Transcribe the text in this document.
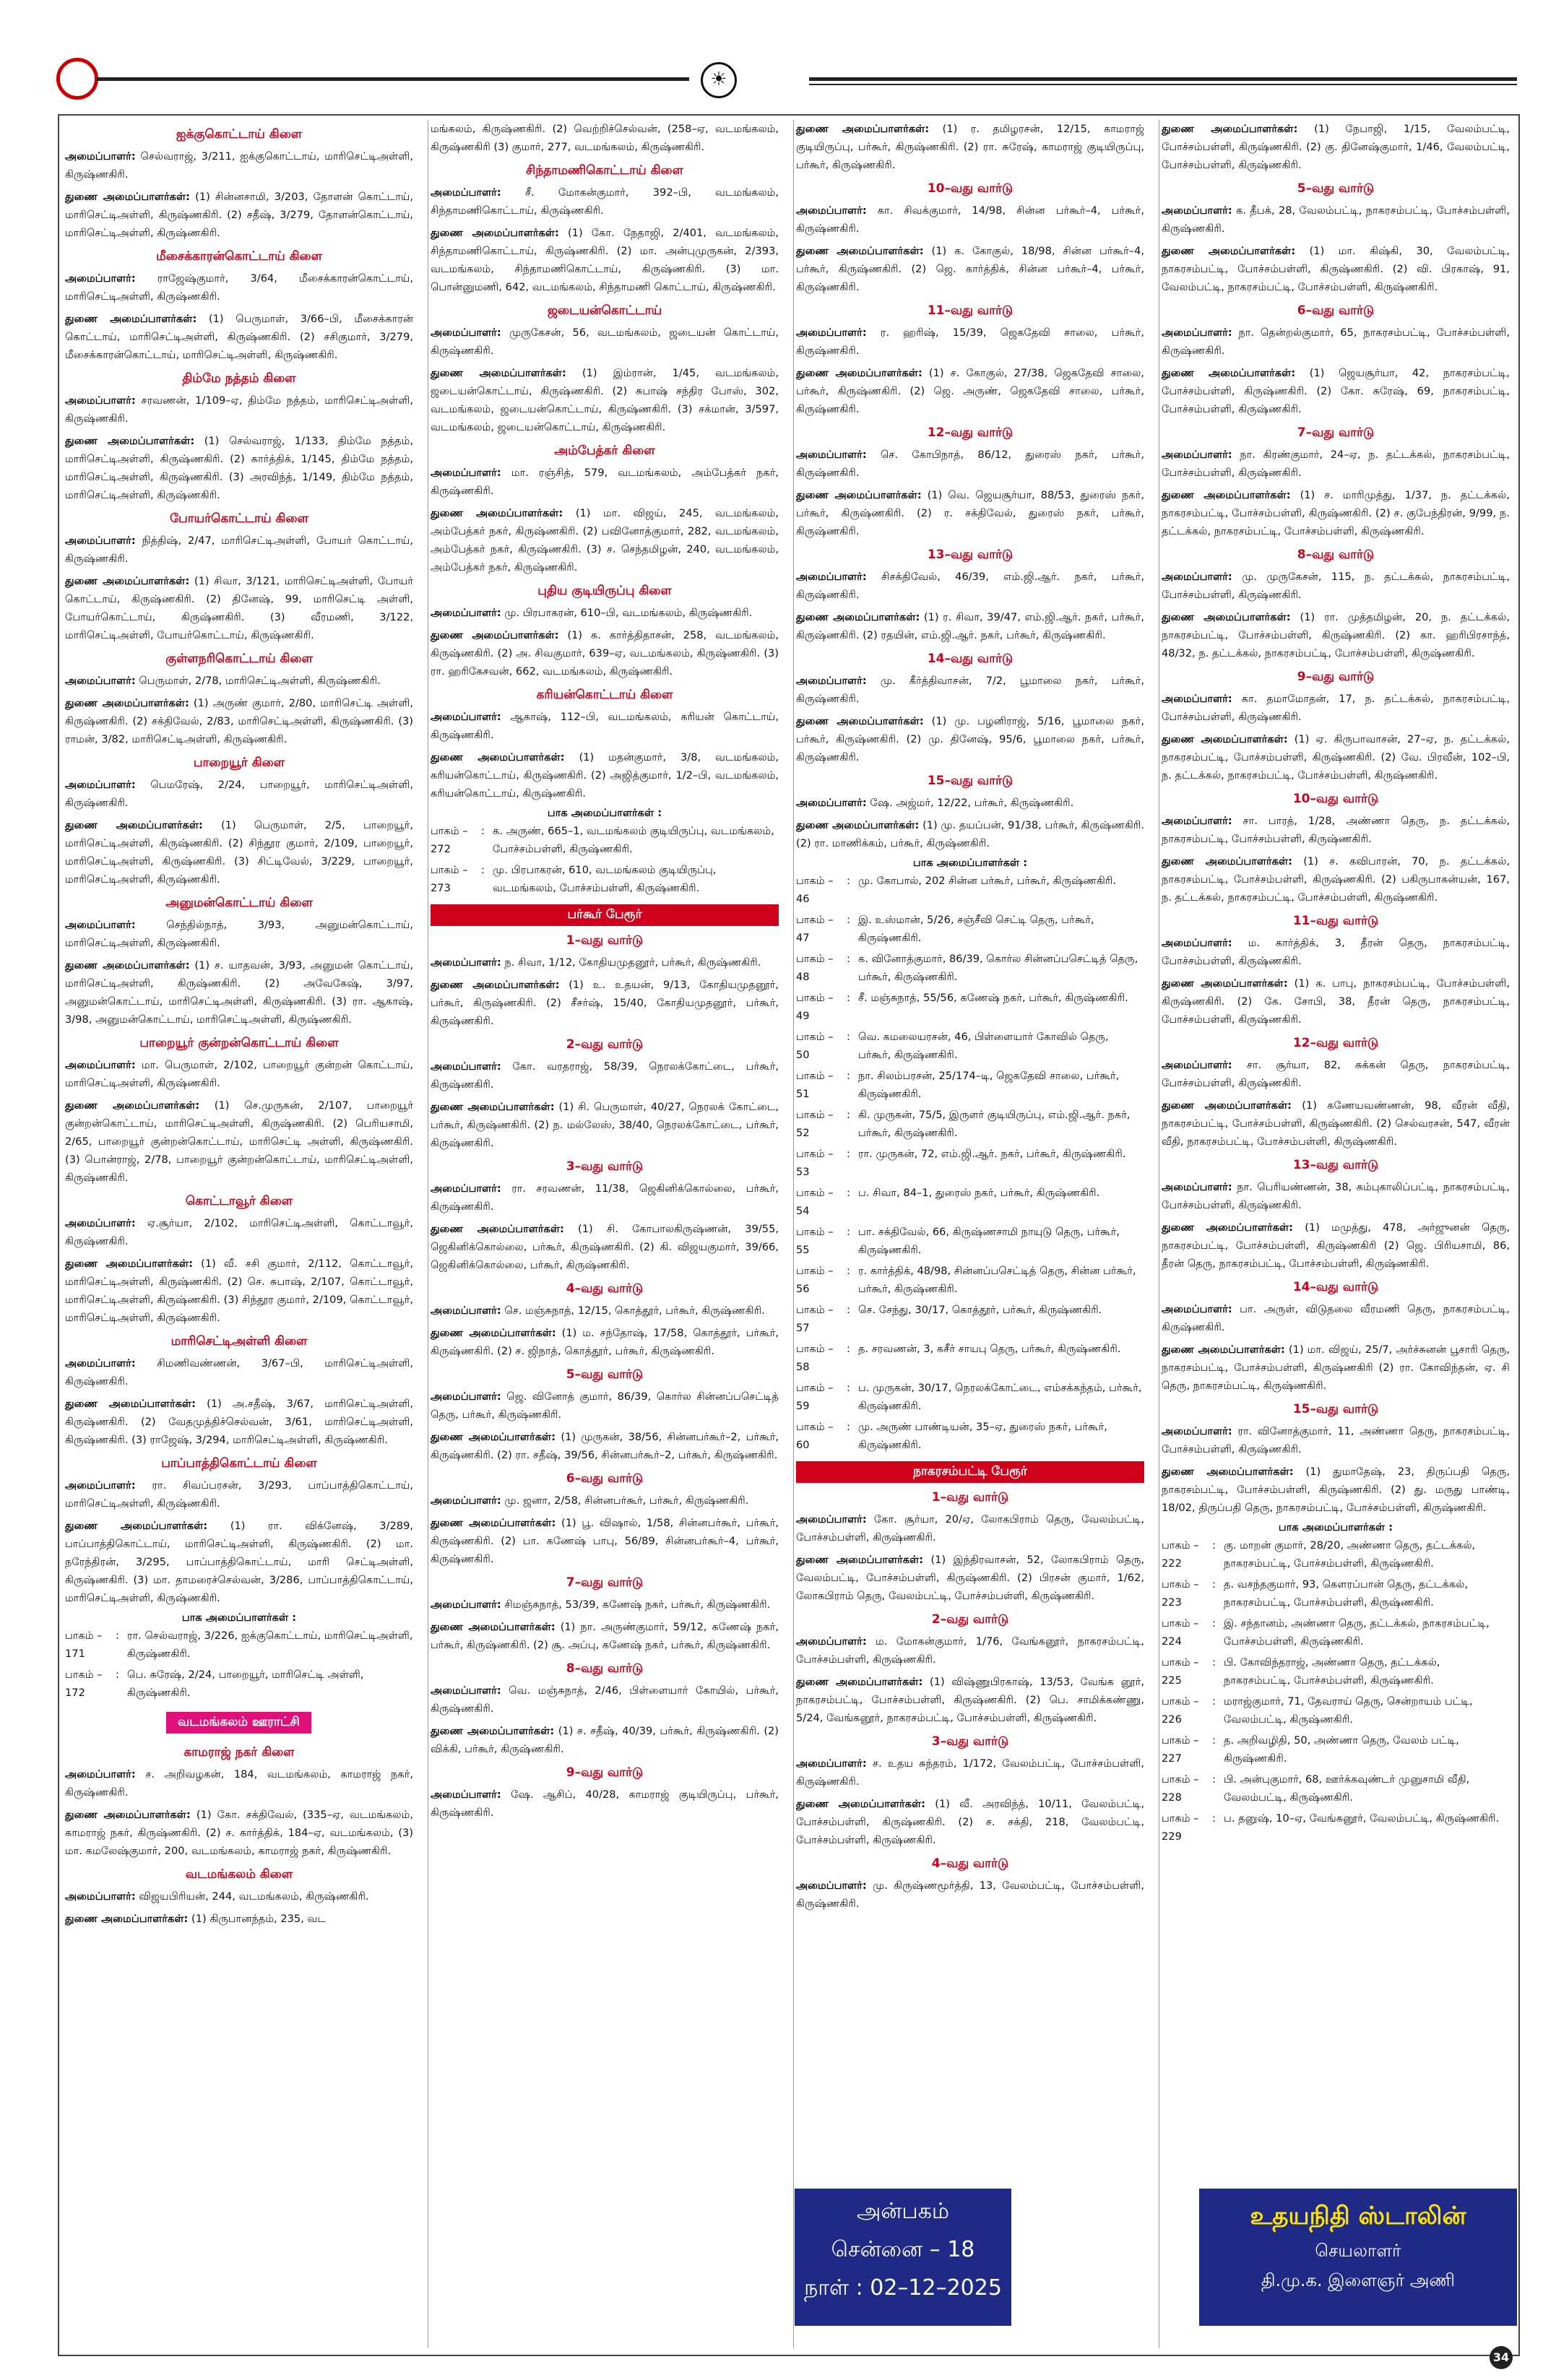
☀
ஐக்குகொட்டாய் கிளை
அமைப்பாளர்: செல்வராஜ், 3/211, ஐக்குகொட்டாய், மாரிசெட்டிஅள்ளி, கிருஷ்ணகிரி.
துணை அமைப்பாளர்கள்: (1) சின்னசாமி, 3/203, தோளன் கொட்டாய், மாரிசெட்டிஅள்ளி, கிருஷ்ணகிரி. (2) சதீஷ், 3/279, தோளன்கொட்டாய், மாரிசெட்டிஅள்ளி, கிருஷ்ணகிரி.
மீசைக்காரன்கொட்டாய் கிளை
அமைப்பாளர்: ராஜேஷ்குமார், 3/64, மீசைக்காரன்கொட்டாய், மாரிசெட்டிஅள்ளி, கிருஷ்ணகிரி.
துணை அமைப்பாளர்கள்: (1) பெருமாள், 3/66–பி, மீசைக்காரன் கொட்டாய், மாரிசெட்டிஅள்ளி, கிருஷ்ணகிரி. (2) சசிகுமார், 3/279, மீசைக்காரன்கொட்டாய், மாரிசெட்டிஅள்ளி, கிருஷ்ணகிரி.
திம்மே நத்தம் கிளை
அமைப்பாளர்: சரவணன், 1/109–ஏ, திம்மே நத்தம், மாரிசெட்டிஅள்ளி, கிருஷ்ணகிரி.
துணை அமைப்பாளர்கள்: (1) செல்வராஜ், 1/133, திம்மே நத்தம், மாரிசெட்டிஅள்ளி, கிருஷ்ணகிரி. (2) கார்த்திக், 1/145, திம்மே நத்தம், மாரிசெட்டிஅள்ளி, கிருஷ்ணகிரி. (3) அரவிந்த், 1/149, திம்மே நத்தம், மாரிசெட்டிஅள்ளி, கிருஷ்ணகிரி.
போயர்கொட்டாய் கிளை
அமைப்பாளர்: நித்திஷ், 2/47, மாரிசெட்டிஅள்ளி, போயர் கொட்டாய், கிருஷ்ணகிரி.
துணை அமைப்பாளர்கள்: (1) சிவா, 3/121, மாரிசெட்டிஅள்ளி, போயர் கொட்டாய், கிருஷ்ணகிரி. (2) தினேஷ், 99, மாரிசெட்டி அள்ளி, போயர்கொட்டாய், கிருஷ்ணகிரி. (3) வீரமணி, 3/122, மாரிசெட்டிஅள்ளி, போயர்கொட்டாய், கிருஷ்ணகிரி.
குள்ளநரிகொட்டாய் கிளை
அமைப்பாளர்: பெருமாள், 2/78, மாரிசெட்டிஅள்ளி, கிருஷ்ணகிரி.
துணை அமைப்பாளர்கள்: (1) அருண் குமார், 2/80, மாரிசெட்டி அள்ளி, கிருஷ்ணகிரி. (2) சக்திவேல், 2/83, மாரிசெட்டிஅள்ளி, கிருஷ்ணகிரி. (3) ராமன், 3/82, மாரிசெட்டிஅள்ளி, கிருஷ்ணகிரி.
பாறையூர் கிளை
அமைப்பாளர்: பெமரேஷ், 2/24, பாறையூர், மாரிசெட்டிஅள்ளி, கிருஷ்ணகிரி.
துணை அமைப்பாளர்கள்: (1) பெருமாள், 2/5, பாறையூர், மாரிசெட்டிஅள்ளி, கிருஷ்ணகிரி. (2) சிந்தூர குமார், 2/109, பாறையூர், மாரிசெட்டிஅள்ளி, கிருஷ்ணகிரி. (3) சிட்டிவேல், 3/229, பாறையூர், மாரிசெட்டிஅள்ளி, கிருஷ்ணகிரி.
அனுமன்கொட்டாய் கிளை
அமைப்பாளர்:	செந்தில்நாத், 3/93, அனுமன்கொட்டாய், மாரிசெட்டிஅள்ளி, கிருஷ்ணகிரி.
துணை அமைப்பாளர்கள்: (1) ச. யாதவன், 3/93, அனுமன் கொட்டாய், மாரிசெட்டிஅள்ளி, கிருஷ்ணகிரி. (2) அவேகேஷ், 3/97, அனுமன்கொட்டாய், மாரிசெட்டிஅள்ளி, கிருஷ்ணகிரி. (3) ரா. ஆகாஷ், 3/98, அனுமன்கொட்டாய், மாரிசெட்டிஅள்ளி, கிருஷ்ணகிரி.
பாறையூர் குன்றன்கொட்டாய் கிளை
அமைப்பாளர்: மா. பெருமாள், 2/102, பாறையூர் குன்றன் கொட்டாய், மாரிசெட்டிஅள்ளி, கிருஷ்ணகிரி.
துணை அமைப்பாளர்கள்: (1) செ.முருகன், 2/107, பாறையூர் குன்றன்கொட்டாய், மாரிசெட்டிஅள்ளி, கிருஷ்ணகிரி. (2) பெரியசாமி, 2/65, பாறையூர் குன்றன்கொட்டாய், மாரிசெட்டி அள்ளி, கிருஷ்ணகிரி. (3) பொன்ராஜ், 2/78, பாறையூர் குன்றன்கொட்டாய், மாரிசெட்டிஅள்ளி, கிருஷ்ணகிரி.
கொட்டாவூர் கிளை
அமைப்பாளர்: ஏ.சூர்யா, 2/102, மாரிசெட்டிஅள்ளி, கொட்டாவூர், கிருஷ்ணகிரி.
துணை அமைப்பாளர்கள்: (1) வீ. சசி குமார், 2/112, கொட்டாவூர், மாரிசெட்டிஅள்ளி, கிருஷ்ணகிரி. (2) செ. சுபாஷ், 2/107, கொட்டாவூர், மாரிசெட்டிஅள்ளி, கிருஷ்ணகிரி. (3) சிந்தூர குமார், 2/109, கொட்டாவூர், மாரிசெட்டிஅள்ளி, கிருஷ்ணகிரி.
மாரிசெட்டிஅள்ளி கிளை
அமைப்பாளர்: சிமணிவண்ணன், 3/67–பி, மாரிசெட்டிஅள்ளி, கிருஷ்ணகிரி.
துணை அமைப்பாளர்கள்: (1) அ.சதீஷ், 3/67, மாரிசெட்டிஅள்ளி, கிருஷ்ணகிரி. (2) வேதமுத்திச்செல்வன், 3/61, மாரிசெட்டிஅள்ளி, கிருஷ்ணகிரி. (3) ராஜேஷ், 3/294, மாரிசெட்டிஅள்ளி, கிருஷ்ணகிரி.
பாப்பாத்திகொட்டாய் கிளை
அமைப்பாளர்: ரா. சிவப்பரசன், 3/293, பாப்பாத்திகொட்டாய், மாரிசெட்டிஅள்ளி, கிருஷ்ணகிரி.
துணை அமைப்பாளர்கள்: (1) ரா. விக்னேஷ், 3/289, பாப்பாத்திகொட்டாய், மாரிசெட்டிஅள்ளி, கிருஷ்ணகிரி. (2) மா. நரேந்திரன், 3/295, பாப்பாத்திகொட்டாய், மாரி செட்டிஅள்ளி, கிருஷ்ணகிரி. (3) மா. தாமரைச்செல்வன், 3/286, பாப்பாத்திகொட்டாய், மாரிசெட்டிஅள்ளி, கிருஷ்ணகிரி.
பாக அமைப்பாளர்கள் :
பாகம் – 171
: ரா. செல்வராஜ், 3/226, ஐக்குகொட்டாய், மாரிசெட்டிஅள்ளி, கிருஷ்ணகிரி.
பாகம் – 172
: பெ. சுரேஷ், 2/24, பாறையூர், மாரிசெட்டி அள்ளி, கிருஷ்ணகிரி.
வடமங்கலம் ஊராட்சி
காமராஜ் நகர் கிளை
அமைப்பாளர்: ச. அறிவழகன், 184, வடமங்கலம், காமராஜ் நகர், கிருஷ்ணகிரி.
துணை அமைப்பாளர்கள்: (1) கோ. சக்திவேல், (335–ஏ, வடமங்கலம், காமராஜ் நகர், கிருஷ்ணகிரி. (2) ச. கார்த்திக், 184–ஏ, வடமங்கலம், (3) மா. கமலேஷ்குமார், 200, வடமங்கலம், காமராஜ் நகர், கிருஷ்ணகிரி.
வடமங்கலம் கிளை
அமைப்பாளர்: விஜயபிரியன், 244, வடமங்கலம், கிருஷ்ணகிரி.
துணை அமைப்பாளர்கள்: (1) கிருபானந்தம், 235, வட
மங்கலம், கிருஷ்ணகிரி. (2) வெற்றிச்செல்வன், (258–ஏ, வடமங்கலம், கிருஷ்ணகிரி (3) குமார், 277, வடமங்கலம், கிருஷ்ணகிரி.
சிந்தாமணிகொட்டாய் கிளை
அமைப்பாளர்: சீ. மோகன்குமார், 392–பி, வடமங்கலம், சிந்தாமணிகொட்டாய், கிருஷ்ணகிரி.
துணை அமைப்பாளர்கள்: (1) கோ. நேதாஜி, 2/401, வடமங்கலம், சிந்தாமணிகொட்டாய், கிருஷ்ணகிரி. (2) மா. அன்புமுருகன், 2/393, வடமங்கலம், சிந்தாமணிகொட்டாய், கிருஷ்ணகிரி. (3) மா. பொன்னுமணி, 642, வடமங்கலம், சிந்தாமணி கொட்டாய், கிருஷ்ணகிரி.
ஜடையன்கொட்டாய்
அமைப்பாளர்: முருகேசன், 56, வடமங்கலம், ஜடையன் கொட்டாய், கிருஷ்ணகிரி.
துணை அமைப்பாளர்கள்: (1) இம்ரான், 1/45, வடமங்கலம், ஜடையன்கொட்டாய், கிருஷ்ணகிரி. (2) சுபாஷ் சந்திர போஸ், 302, வடமங்கலம், ஜடையன்கொட்டாய், கிருஷ்ணகிரி. (3) சக்மான், 3/597, வடமங்கலம், ஜடையன்கொட்டாய், கிருஷ்ணகிரி.
அம்பேத்கர் கிளை
அமைப்பாளர்: மா. ரஞ்சித், 579, வடமங்கலம், அம்பேத்கர் நகர், கிருஷ்ணகிரி.
துணை அமைப்பாளர்கள்: (1) மா. விஜய், 245, வடமங்கலம், அம்பேத்கர் நகர், கிருஷ்ணகிரி. (2) பவினோத்குமார், 282, வடமங்கலம், அம்பேத்கர் நகர், கிருஷ்ணகிரி. (3) ச. செந்தமிழன், 240, வடமங்கலம், அம்பேத்கர் நகர், கிருஷ்ணகிரி.
புதிய குடியிருப்பு கிளை
அமைப்பாளர்: மு. பிரபாகரன், 610–பி, வடமங்கலம், கிருஷ்ணகிரி.
துணை அமைப்பாளர்கள்: (1) க. கார்த்திதாசன், 258, வடமங்கலம், கிருஷ்ணகிரி. (2) அ. சிவகுமார், 639–ஏ, வடமங்கலம், கிருஷ்ணகிரி. (3) ரா. ஹரிகேசவன், 662, வடமங்கலம், கிருஷ்ணகிரி.
கரியன்கொட்டாய் கிளை
அமைப்பாளர்: ஆகாஷ், 112–பி, வடமங்கலம், கரியன் கொட்டாய், கிருஷ்ணகிரி.
துணை அமைப்பாளர்கள்: (1) மதன்குமார், 3/8, வடமங்கலம், கரியன்கொட்டாய், கிருஷ்ணகிரி. (2) அஜித்குமார், 1/2–பி, வடமங்கலம், கரியன்கொட்டாய், கிருஷ்ணகிரி.
பாக அமைப்பாளர்கள் :
பாகம் – 272
: க. அருண், 665–1, வடமங்கலம் குடியிருப்பு, வடமங்கலம், போச்சம்பள்ளி, கிருஷ்ணகிரி.
பாகம் – 273
: மு. பிரபாகரன், 610, வடமங்கலம் குடியிருப்பு, வடமங்கலம், போச்சம்பள்ளி, கிருஷ்ணகிரி.
பர்கூர் பேரூர்
1–வது வார்டு
அமைப்பாளர்: ந. சிவா, 1/12, கோதியமுதனூர், பர்கூர், கிருஷ்ணகிரி.
துணை அமைப்பாளர்கள்: (1) உ. உதயன், 9/13, கோதியமுதனூர், பர்கூர், கிருஷ்ணகிரி. (2) சீசர்ஷ், 15/40, கோதியமுதனூர், பர்கூர், கிருஷ்ணகிரி.
2–வது வார்டு
அமைப்பாளர்: கோ. வரதராஜ், 58/39, நெரலக்கோட்டை, பர்கூர், கிருஷ்ணகிரி.
துணை அமைப்பாளர்கள்: (1) சி. பெருமாள், 40/27, நெரலக் கோட்டை, பர்கூர், கிருஷ்ணகிரி. (2) ந. மல்லேஸ், 38/40, நெரலக்கோட்டை, பர்கூர், கிருஷ்ணகிரி.
3–வது வார்டு
அமைப்பாளர்: ரா. சரவணன், 11/38, ஜெகினிக்கொல்லை, பர்கூர், கிருஷ்ணகிரி.
துணை அமைப்பாளர்கள்: (1) சி. கோபாலகிருஷ்ணன், 39/55, ஜெகினிக்கொல்லை, பர்கூர், கிருஷ்ணகிரி. (2) கி. விஜயகுமார், 39/66, ஜெகினிக்கொல்லை, பர்கூர், கிருஷ்ணகிரி.
4–வது வார்டு
அமைப்பாளர்: செ. மஞ்சுநாத், 12/15, கொத்தூர், பர்கூர், கிருஷ்ணகிரி.
துணை அமைப்பாளர்கள்: (1) ம. சந்தோஷ், 17/58, கொத்தூர், பர்கூர், கிருஷ்ணகிரி. (2) ச. ஜிநாத், கொத்தூர், பர்கூர், கிருஷ்ணகிரி.
5–வது வார்டு
அமைப்பாளர்: ஜெ. வினோத் குமார், 86/39, கொர்ல சின்னப்பசெட்டித் தெரு, பர்கூர், கிருஷ்ணகிரி.
துணை அமைப்பாளர்கள்: (1) முருகன், 38/56, சின்னபர்கூர்–2, பர்கூர், கிருஷ்ணகிரி. (2) ரா. சதீஷ், 39/56, சின்னபர்கூர்–2, பர்கூர், கிருஷ்ணகிரி.
6–வது வார்டு
அமைப்பாளர்: மு. ஜனா, 2/58, சின்னபர்கூர், பர்கூர், கிருஷ்ணகிரி.
துணை அமைப்பாளர்கள்: (1) பூ. விஷால், 1/58, சின்னபர்கூர், பர்கூர், கிருஷ்ணகிரி. (2) பா. கணேஷ் பாபு, 56/89, சின்னபர்கூர்–4, பர்கூர், கிருஷ்ணகிரி.
7–வது வார்டு
அமைப்பாளர்: சிமஞ்சுநாத், 53/39, கணேஷ் நகர், பர்கூர், கிருஷ்ணகிரி.
துணை அமைப்பாளர்கள்: (1) நா. அருண்குமார், 59/12, கணேஷ் நகர், பர்கூர், கிருஷ்ணகிரி. (2) சூ. அப்பு, கணேஷ் நகர், பர்கூர், கிருஷ்ணகிரி.
8–வது வார்டு
அமைப்பாளர்: வெ. மஞ்சுநாத், 2/46, பிள்ளையார் கோயில், பர்கூர், கிருஷ்ணகிரி.
துணை அமைப்பாளர்கள்: (1) ச. சதீஷ், 40/39, பர்கூர், கிருஷ்ணகிரி. (2) விக்கி, பர்கூர், கிருஷ்ணகிரி.
9–வது வார்டு
அமைப்பாளர்: ஷே. ஆசிப், 40/28, காமராஜ் குடியிருப்பு, பர்கூர், கிருஷ்ணகிரி.
துணை அமைப்பாளர்கள்: (1) ர. தமிழரசன், 12/15, காமராஜ் குடியிருப்பு, பர்கூர், கிருஷ்ணகிரி. (2) ரா. சுரேஷ், காமராஜ் குடியிருப்பு, பர்கூர், கிருஷ்ணகிரி.
10–வது வார்டு
அமைப்பாளர்: கா. சிவக்குமார், 14/98, சின்ன பர்கூர்–4, பர்கூர், கிருஷ்ணகிரி.
துணை அமைப்பாளர்கள்: (1) க. கோகுல், 18/98, சின்ன பர்கூர்–4, பர்கூர், கிருஷ்ணகிரி. (2) ஜெ. கார்த்திக், சின்ன பர்கூர்–4, பர்கூர், கிருஷ்ணகிரி.
11–வது வார்டு
அமைப்பாளர்: ர. ஹரிஷ், 15/39, ஜெகதேவி சாலை, பர்கூர், கிருஷ்ணகிரி.
துணை அமைப்பாளர்கள்: (1) ச. கோகுல், 27/38, ஜெகதேவி சாலை, பர்கூர், கிருஷ்ணகிரி. (2) ஜெ. அருண், ஜெகதேவி சாலை, பர்கூர், கிருஷ்ணகிரி.
12–வது வார்டு
அமைப்பாளர்: செ. கோபிநாத், 86/12, துரைஸ் நகர், பர்கூர், கிருஷ்ணகிரி.
துணை அமைப்பாளர்கள்: (1) வெ. ஜெயசூர்யா, 88/53, துரைஸ் நகர், பர்கூர், கிருஷ்ணகிரி. (2) ர. சக்திவேல், துரைஸ் நகர், பர்கூர், கிருஷ்ணகிரி.
13–வது வார்டு
அமைப்பாளர்: சிசக்திவேல், 46/39, எம்.ஜி.ஆர். நகர், பர்கூர், கிருஷ்ணகிரி.
துணை அமைப்பாளர்கள்: (1) ர. சிவா, 39/47, எம்.ஜி.ஆர். நகர், பர்கூர், கிருஷ்ணகிரி. (2) ரதயின், எம்.ஜி.ஆர். நகர், பர்கூர், கிருஷ்ணகிரி.
14–வது வார்டு
அமைப்பாளர்: மு. கீர்த்திவாசன், 7/2, பூமாலை நகர், பர்கூர், கிருஷ்ணகிரி.
துணை அமைப்பாளர்கள்: (1) மு. பழனிராஜ், 5/16, பூமாலை நகர், பர்கூர், கிருஷ்ணகிரி. (2) மு. தினேஷ், 95/6, பூமாலை நகர், பர்கூர், கிருஷ்ணகிரி.
15–வது வார்டு
அமைப்பாளர்: ஷே. அஜ்மர், 12/22, பர்கூர், கிருஷ்ணகிரி.
துணை அமைப்பாளர்கள்: (1) மு. தயப்பன், 91/38, பர்கூர், கிருஷ்ணகிரி. (2) ரா. மாணிக்கம், பர்கூர், கிருஷ்ணகிரி.
பாக அமைப்பாளர்கள் :
பாகம் – 46
: மு. கோபால், 202 சின்ன பர்கூர், பர்கூர், கிருஷ்ணகிரி.
பாகம் – 47
: இ. உஸ்மான், 5/26, சஞ்சீவி செட்டி தெரு, பர்கூர், கிருஷ்ணகிரி.
பாகம் – 48
: க. வினோத்குமார், 86/39, கொர்ல சின்னப்பசெட்டித் தெரு, பர்கூர், கிருஷ்ணகிரி.
பாகம் – 49
: சீ. மஞ்சுநாத், 55/56, கணேஷ் நகர், பர்கூர், கிருஷ்ணகிரி.
பாகம் – 50
: வெ. கமலையரசன், 46, பிள்ளையார் கோவில் தெரு, பர்கூர், கிருஷ்ணகிரி.
பாகம் – 51
: நா. சிலம்பரசன், 25/174–டி, ஜெகதேவி சாலை, பர்கூர், கிருஷ்ணகிரி.
பாகம் – 52
: கி. முருகன், 75/5, இருளர் குடியிருப்பு, எம்.ஜி.ஆர். நகர், பர்கூர், கிருஷ்ணகிரி.
பாகம் – 53
: ரா. முருகன், 72, எம்.ஜி.ஆர். நகர், பர்கூர், கிருஷ்ணகிரி.
பாகம் – 54
: ப. சிவா, 84–1, துரைஸ் நகர், பர்கூர், கிருஷ்ணகிரி.
பாகம் – 55
: பா. சக்திவேல், 66, கிருஷ்ணசாமி நாயுடு தெரு, பர்கூர், கிருஷ்ணகிரி.
பாகம் – 56
: ர. கார்த்திக், 48/98, சின்னப்பசெட்டித் தெரு, சின்ன பர்கூர், பர்கூர், கிருஷ்ணகிரி.
பாகம் – 57
: செ. சேந்து, 30/17, கொத்தூர், பர்கூர், கிருஷ்ணகிரி.
பாகம் – 58
: த. சரவணன், 3, கசீர் சாயபு தெரு, பர்கூர், கிருஷ்ணகிரி.
பாகம் – 59
: ப. முருகன், 30/17, நெரலக்கோட்டை, எம்சக்கந்தம், பர்கூர், கிருஷ்ணகிரி.
பாகம் – 60
: மு. அருண் பாண்டியன், 35–ஏ, துரைஸ் நகர், பர்கூர், கிருஷ்ணகிரி.
நாகரசம்பட்டி பேரூர்
1–வது வார்டு
அமைப்பாளர்: கோ. சூர்யா, 20/ஏ, லோகபிராம் தெரு, வேலம்பட்டி, போச்சம்பள்ளி, கிருஷ்ணகிரி.
துணை அமைப்பாளர்கள்: (1) இந்திரவாசன், 52, லோகபிராம் தெரு, வேலம்பட்டி, போச்சம்பள்ளி, கிருஷ்ணகிரி. (2) பிரசன் குமார், 1/62, லோகபிராம் தெரு, வேலம்பட்டி, போச்சம்பள்ளி, கிருஷ்ணகிரி.
2–வது வார்டு
அமைப்பாளர்: ம. மோகன்குமார், 1/76, வேங்கனூர், நாகரசம்பட்டி, போச்சம்பள்ளி, கிருஷ்ணகிரி.
துணை அமைப்பாளர்கள்: (1) விஷ்ணுபிரகாஷ், 13/53, வேங்க னூர், நாகரசம்பட்டி, போச்சம்பள்ளி, கிருஷ்ணகிரி. (2) பெ. சாமிக்கண்ணு, 5/24, வேங்கனூர், நாகரசம்பட்டி, போச்சம்பள்ளி, கிருஷ்ணகிரி.
3–வது வார்டு
அமைப்பாளர்: ச. உதய சுந்தரம், 1/172, வேலம்பட்டி, போச்சம்பள்ளி, கிருஷ்ணகிரி.
துணை அமைப்பாளர்கள்: (1) வீ. அரவிந்த், 10/11, வேலம்பட்டி, போச்சம்பள்ளி, கிருஷ்ணகிரி. (2) ச. சக்தி, 218, வேலம்பட்டி, போச்சம்பள்ளி, கிருஷ்ணகிரி.
4–வது வார்டு
அமைப்பாளர்: மு. கிருஷ்ணமூர்த்தி, 13, வேலம்பட்டி, போச்சம்பள்ளி, கிருஷ்ணகிரி.
துணை அமைப்பாளர்கள்: (1) நேபாஜி, 1/15, வேலம்பட்டி, போச்சம்பள்ளி, கிருஷ்ணகிரி. (2) கு. தினேஷ்குமார், 1/46, வேலம்பட்டி, போச்சம்பள்ளி, கிருஷ்ணகிரி.
5–வது வார்டு
அமைப்பாளர்: க. தீபக், 28, வேலம்பட்டி, நாகரசம்பட்டி, போச்சம்பள்ளி, கிருஷ்ணகிரி.
துணை அமைப்பாளர்கள்: (1) மா. கிஷ்கி, 30, வேலம்பட்டி, நாகரசம்பட்டி, போச்சம்பள்ளி, கிருஷ்ணகிரி. (2) வி. பிரகாஷ், 91, வேலம்பட்டி, நாகரசம்பட்டி, போச்சம்பள்ளி, கிருஷ்ணகிரி.
6–வது வார்டு
அமைப்பாளர்: நா. தென்றல்குமார், 65, நாகரசம்பட்டி, போச்சம்பள்ளி, கிருஷ்ணகிரி.
துணை அமைப்பாளர்கள்: (1) ஜெயசூர்யா, 42, நாகரசம்பட்டி, போச்சம்பள்ளி, கிருஷ்ணகிரி. (2) கோ. சுரேஷ், 69, நாகரசம்பட்டி, போச்சம்பள்ளி, கிருஷ்ணகிரி.
7–வது வார்டு
அமைப்பாளர்: நா. கிரண்குமார், 24–ஏ, ந. தட்டக்கல், நாகரசம்பட்டி, போச்சம்பள்ளி, கிருஷ்ணகிரி.
துணை அமைப்பாளர்கள்: (1) ச. மாரிமுத்து, 1/37, ந. தட்டக்கல், நாகரசம்பட்டி, போச்சம்பள்ளி, கிருஷ்ணகிரி. (2) ச. குபேந்திரன், 9/99, ந. தட்டக்கல், நாகரசம்பட்டி, போச்சம்பள்ளி, கிருஷ்ணகிரி.
8–வது வார்டு
அமைப்பாளர்: மு. முருகேசன், 115, ந. தட்டக்கல், நாகரசம்பட்டி, போச்சம்பள்ளி, கிருஷ்ணகிரி.
துணை அமைப்பாளர்கள்: (1) ரா. முத்தமிழன், 20, ந. தட்டக்கல், நாகரசம்பட்டி, போச்சம்பள்ளி, கிருஷ்ணகிரி. (2) கா. ஹரிபிரசாந்த், 48/32, ந. தட்டக்கல், நாகரசம்பட்டி, போச்சம்பள்ளி, கிருஷ்ணகிரி.
9–வது வார்டு
அமைப்பாளர்: கா. தமாமோதன், 17, ந. தட்டக்கல், நாகரசம்பட்டி, போச்சம்பள்ளி, கிருஷ்ணகிரி.
துணை அமைப்பாளர்கள்: (1) ஏ. கிருபாவாசன், 27–ஏ, ந. தட்டக்கல், நாகரசம்பட்டி, போச்சம்பள்ளி, கிருஷ்ணகிரி. (2) வே. பிரவீன், 102–பி, ந. தட்டக்கல், நாகரசம்பட்டி, போச்சம்பள்ளி, கிருஷ்ணகிரி.
10–வது வார்டு
அமைப்பாளர்: சா. பாரத், 1/28, அண்ணா தெரு, ந. தட்டக்கல், நாகரசம்பட்டி, போச்சம்பள்ளி, கிருஷ்ணகிரி.
துணை அமைப்பாளர்கள்: (1) ச. கவிபாரன், 70, ந. தட்டக்கல், நாகரசம்பட்டி, போச்சம்பள்ளி, கிருஷ்ணகிரி. (2) பகிருபாகன்யன், 167, ந. தட்டக்கல், நாகரசம்பட்டி, போச்சம்பள்ளி, கிருஷ்ணகிரி.
11–வது வார்டு
அமைப்பாளர்: ம. கார்த்திக், 3, தீரன் தெரு, நாகரசம்பட்டி, போச்சம்பள்ளி, கிருஷ்ணகிரி.
துணை அமைப்பாளர்கள்: (1) க. பாபு, நாகரசம்பட்டி, போச்சம்பள்ளி, கிருஷ்ணகிரி. (2) கே. சோபி, 38, தீரன் தெரு, நாகரசம்பட்டி, போச்சம்பள்ளி, கிருஷ்ணகிரி.
12–வது வார்டு
அமைப்பாளர்: சா. சூர்யா, 82, சுக்கன் தெரு, நாகரசம்பட்டி, போச்சம்பள்ளி, கிருஷ்ணகிரி.
துணை அமைப்பாளர்கள்: (1) கணேயவண்ணன், 98, வீரன் வீதி, நாகரசம்பட்டி, போச்சம்பள்ளி, கிருஷ்ணகிரி. (2) செல்வரசன், 547, வீரன் வீதி, நாகரசம்பட்டி, போச்சம்பள்ளி, கிருஷ்ணகிரி.
13–வது வார்டு
அமைப்பாளர்: நா. பெரியண்ணன், 38, கம்புகாலிப்பட்டி, நாகரசம்பட்டி, போச்சம்பள்ளி, கிருஷ்ணகிரி.
துணை அமைப்பாளர்கள்: (1) மமுத்து, 478, அர்ஜுனன் தெரு, நாகரசம்பட்டி, போச்சம்பள்ளி, கிருஷ்ணகிரி (2) ஜெ. பிரியசாமி, 86, தீரன் தெரு, நாகரசம்பட்டி, போச்சம்பள்ளி, கிருஷ்ணகிரி.
14–வது வார்டு
அமைப்பாளர்: பா. அருள், விடுதலை வீரமணி தெரு, நாகரசம்பட்டி, கிருஷ்ணகிரி.
துணை அமைப்பாளர்கள்: (1) மா. விஜய், 25/7, அர்ச்சுனன் பூசாரி தெரு, நாகரசம்பட்டி, போச்சம்பள்ளி, கிருஷ்ணகிரி (2) ரா. கோவிந்தன், ஏ. சி தெரு, நாகரசம்பட்டி, கிருஷ்ணகிரி.
15–வது வார்டு
அமைப்பாளர்: ரா. வினோத்குமார், 11, அண்ணா தெரு, நாகரசம்பட்டி, போச்சம்பள்ளி, கிருஷ்ணகிரி.
துணை அமைப்பாளர்கள்: (1) துமாதேஷ், 23, திருப்பதி தெரு, நாகரசம்பட்டி, போச்சம்பள்ளி, கிருஷ்ணகிரி. (2) து. மருது பாண்டி, 18/02, திருப்பதி தெரு, நாகரசம்பட்டி, போச்சம்பள்ளி, கிருஷ்ணகிரி.
பாக அமைப்பாளர்கள் :
பாகம் – 222
: கு. மாறன் குமார், 28/20, அண்ணா தெரு, தட்டக்கல், நாகரசம்பட்டி, போச்சம்பள்ளி, கிருஷ்ணகிரி.
பாகம் – 223
: த. வசந்தகுமார், 93, கௌரப்பான் தெரு, தட்டக்கல், நாகரசம்பட்டி, போச்சம்பள்ளி, கிருஷ்ணகிரி.
பாகம் – 224
: இ. சந்தானம், அண்ணா தெரு, தட்டக்கல், நாகரசம்பட்டி, போச்சம்பள்ளி, கிருஷ்ணகிரி.
பாகம் – 225
: பி. கோவிந்தராஜ், அண்ணா தெரு, தட்டக்கல், நாகரசம்பட்டி, போச்சம்பள்ளி, கிருஷ்ணகிரி.
பாகம் – 226
: மராஜ்குமார், 71, தேவராய் தெரு, சென்றாயம் பட்டி, வேலம்பட்டி, கிருஷ்ணகிரி.
பாகம் – 227
: த. அறிவழிதி, 50, அண்ணா தெரு, வேலம் பட்டி, கிருஷ்ணகிரி.
பாகம் – 228
: பி. அன்புகுமார், 68, ஊர்க்கவுண்டர் முனுசாமி வீதி, வேலம்பட்டி, கிருஷ்ணகிரி.
பாகம் – 229
: ப. தனுஷ், 10–ஏ, வேங்கனூர், வேலம்பட்டி, கிருஷ்ணகிரி.
அன்பகம்
சென்னை – 18
நாள் : 02–12–2025
உதயநிதி ஸ்டாலின்
செயலாளர்
தி.மு.க. இளைஞர் அணி
34
